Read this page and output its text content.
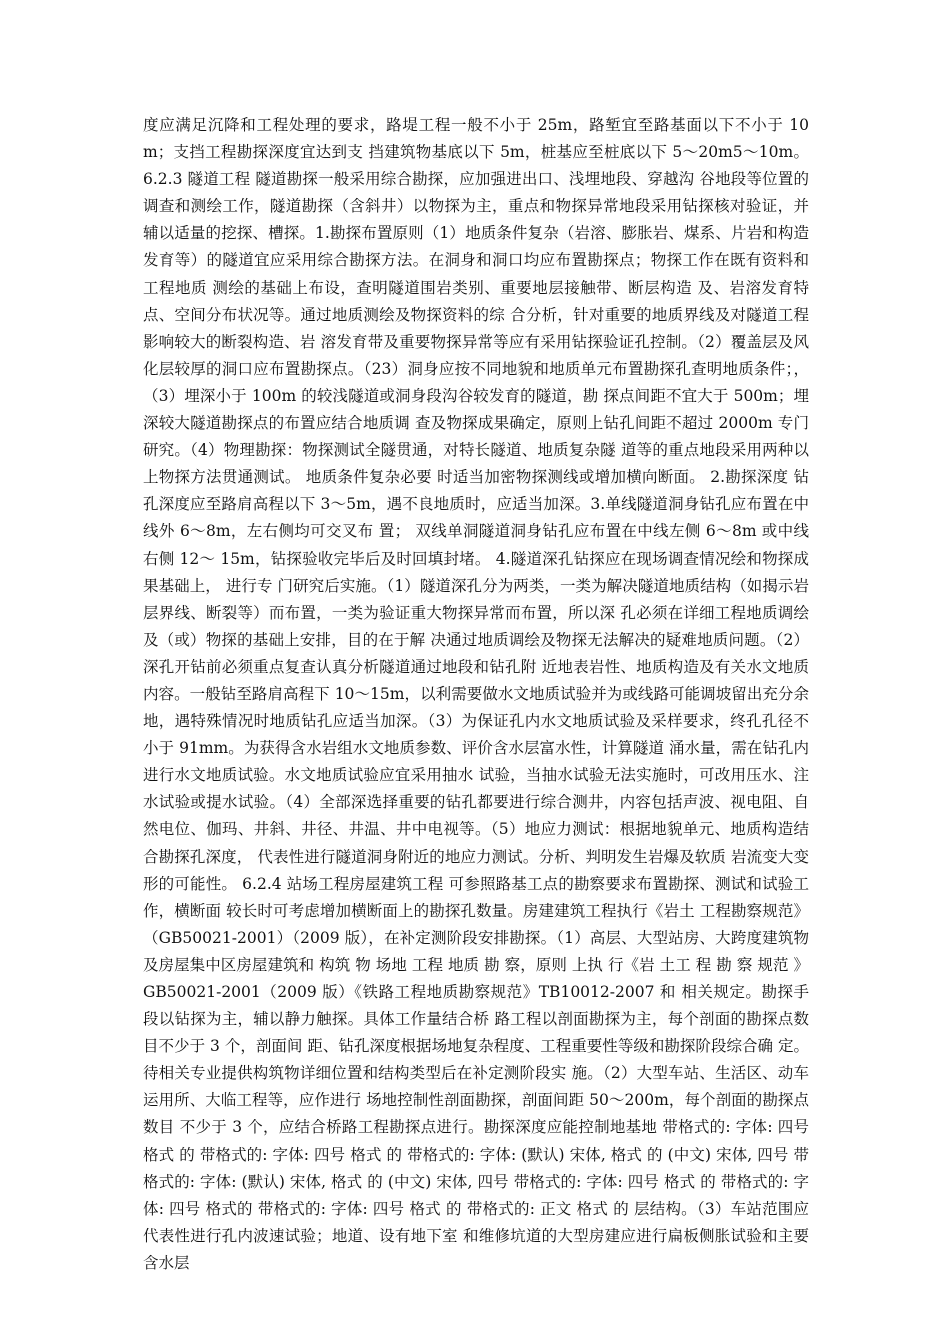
度应满足沉降和工程处理的要求，路堤工程一般不小于 25m，路堑宜至路基面以下不小于 10m；支挡工程勘探深度宜达到支 挡建筑物基底以下 5m，桩基应至桩底以下 5～20m5～10m。6.2.3 隧道工程 隧道勘探一般采用综合勘探，应加强进出口、浅埋地段、穿越沟 谷地段等位置的调查和测绘工作，隧道勘探（含斜井）以物探为主，重点和物探异常地段采用钻探核对验证，并辅以适量的挖探、槽探。1.勘探布置原则（1）地质条件复杂（岩溶、膨胀岩、煤系、片岩和构造发育等）的隧道宜应采用综合勘探方法。在洞身和洞口均应布置勘探点；物探工作在既有资料和工程地质 测绘的基础上布设，查明隧道围岩类别、重要地层接触带、断层构造 及、岩溶发育特点、空间分布状况等。通过地质测绘及物探资料的综 合分析，针对重要的地质界线及对隧道工程影响较大的断裂构造、岩 溶发育带及重要物探异常等应有采用钻探验证孔控制。（2）覆盖层及风化层较厚的洞口应布置勘探点。（23）洞身应按不同地貌和地质单元布置勘探孔查明地质条件；，（3）埋深小于 100m 的较浅隧道或洞身段沟谷较发育的隧道，勘 探点间距不宜大于 500m；埋深较大隧道勘探点的布置应结合地质调 查及物探成果确定，原则上钻孔间距不超过 2000m 专门研究。（4）物理勘探：物探测试全隧贯通，对特长隧道、地质复杂隧 道等的重点地段采用两种以上物探方法贯通测试。 地质条件复杂必要 时适当加密物探测线或增加横向断面。 2.勘探深度 钻孔深度应至路肩高程以下 3～5m，遇不良地质时，应适当加深。3.单线隧道洞身钻孔应布置在中线外 6～8m，左右侧均可交叉布 置； 双线单洞隧道洞身钻孔应布置在中线左侧 6～8m 或中线右侧 12～ 15m，钻探验收完毕后及时回填封堵。 4.隧道深孔钻探应在现场调查情况绘和物探成果基础上， 进行专 门研究后实施。（1）隧道深孔分为两类，一类为解决隧道地质结构（如揭示岩 层界线、断裂等）而布置，一类为验证重大物探异常而布置，所以深 孔必须在详细工程地质调绘及（或）物探的基础上安排，目的在于解 决通过地质调绘及物探无法解决的疑难地质问题。（2）深孔开钻前必须重点复查认真分析隧道通过地段和钻孔附 近地表岩性、地质构造及有关水文地质内容。一般钻至路肩高程下 10～15m，以利需要做水文地质试验并为或线路可能调坡留出充分余 地，遇特殊情况时地质钻孔应适当加深。（3）为保证孔内水文地质试验及采样要求，终孔孔径不小于 91mm。为获得含水岩组水文地质参数、评价含水层富水性，计算隧道 涌水量，需在钻孔内进行水文地质试验。水文地质试验应宜采用抽水 试验，当抽水试验无法实施时，可改用压水、注水试验或提水试验。（4）全部深选择重要的钻孔都要进行综合测井，内容包括声波、视电阻、自然电位、伽玛、井斜、井径、井温、井中电视等。（5）地应力测试：根据地貌单元、地质构造结合勘探孔深度， 代表性进行隧道洞身附近的地应力测试。分析、判明发生岩爆及软质 岩流变大变形的可能性。 6.2.4 站场工程房屋建筑工程 可参照路基工点的勘察要求布置勘探、测试和试验工作，横断面 较长时可考虑增加横断面上的勘探孔数量。房建建筑工程执行《岩土 工程勘察规范》（GB50021-2001）（2009 版），在补定测阶段安排勘探。（1）高层、大型站房、大跨度建筑物及房屋集中区房屋建筑和 构筑 物 场地 工程 地质 勘 察，原则 上执 行《岩 土工 程 勘 察 规范 》GB50021-2001（2009 版）《铁路工程地质勘察规范》TB10012-2007 和 相关规定。勘探手段以钻探为主，辅以静力触探。具体工作量结合桥 路工程以剖面勘探为主，每个剖面的勘探点数目不少于 3 个，剖面间 距、钻孔深度根据场地复杂程度、工程重要性等级和勘探阶段综合确 定。待相关专业提供构筑物详细位置和结构类型后在补定测阶段实 施。（2）大型车站、生活区、动车运用所、大临工程等，应作进行 场地控制性剖面勘探，剖面间距 50～200m，每个剖面的勘探点数目 不少于 3 个，应结合桥路工程勘探点进行。勘探深度应能控制地基地 带格式的: 字体: 四号 格式 的 带格式的: 字体: 四号 格式 的 带格式的: 字体: (默认) 宋体, 格式 的 (中文) 宋体, 四号 带格式的: 字体: (默认) 宋体, 格式 的 (中文) 宋体, 四号 带格式的: 字体: 四号 格式 的 带格式的: 字体: 四号 格式的 带格式的: 字体: 四号 格式 的 带格式的: 正文 格式 的 层结构。（3）车站范围应代表性进行孔内波速试验；地道、设有地下室 和维修坑道的大型房建应进行扁板侧胀试验和主要含水层
